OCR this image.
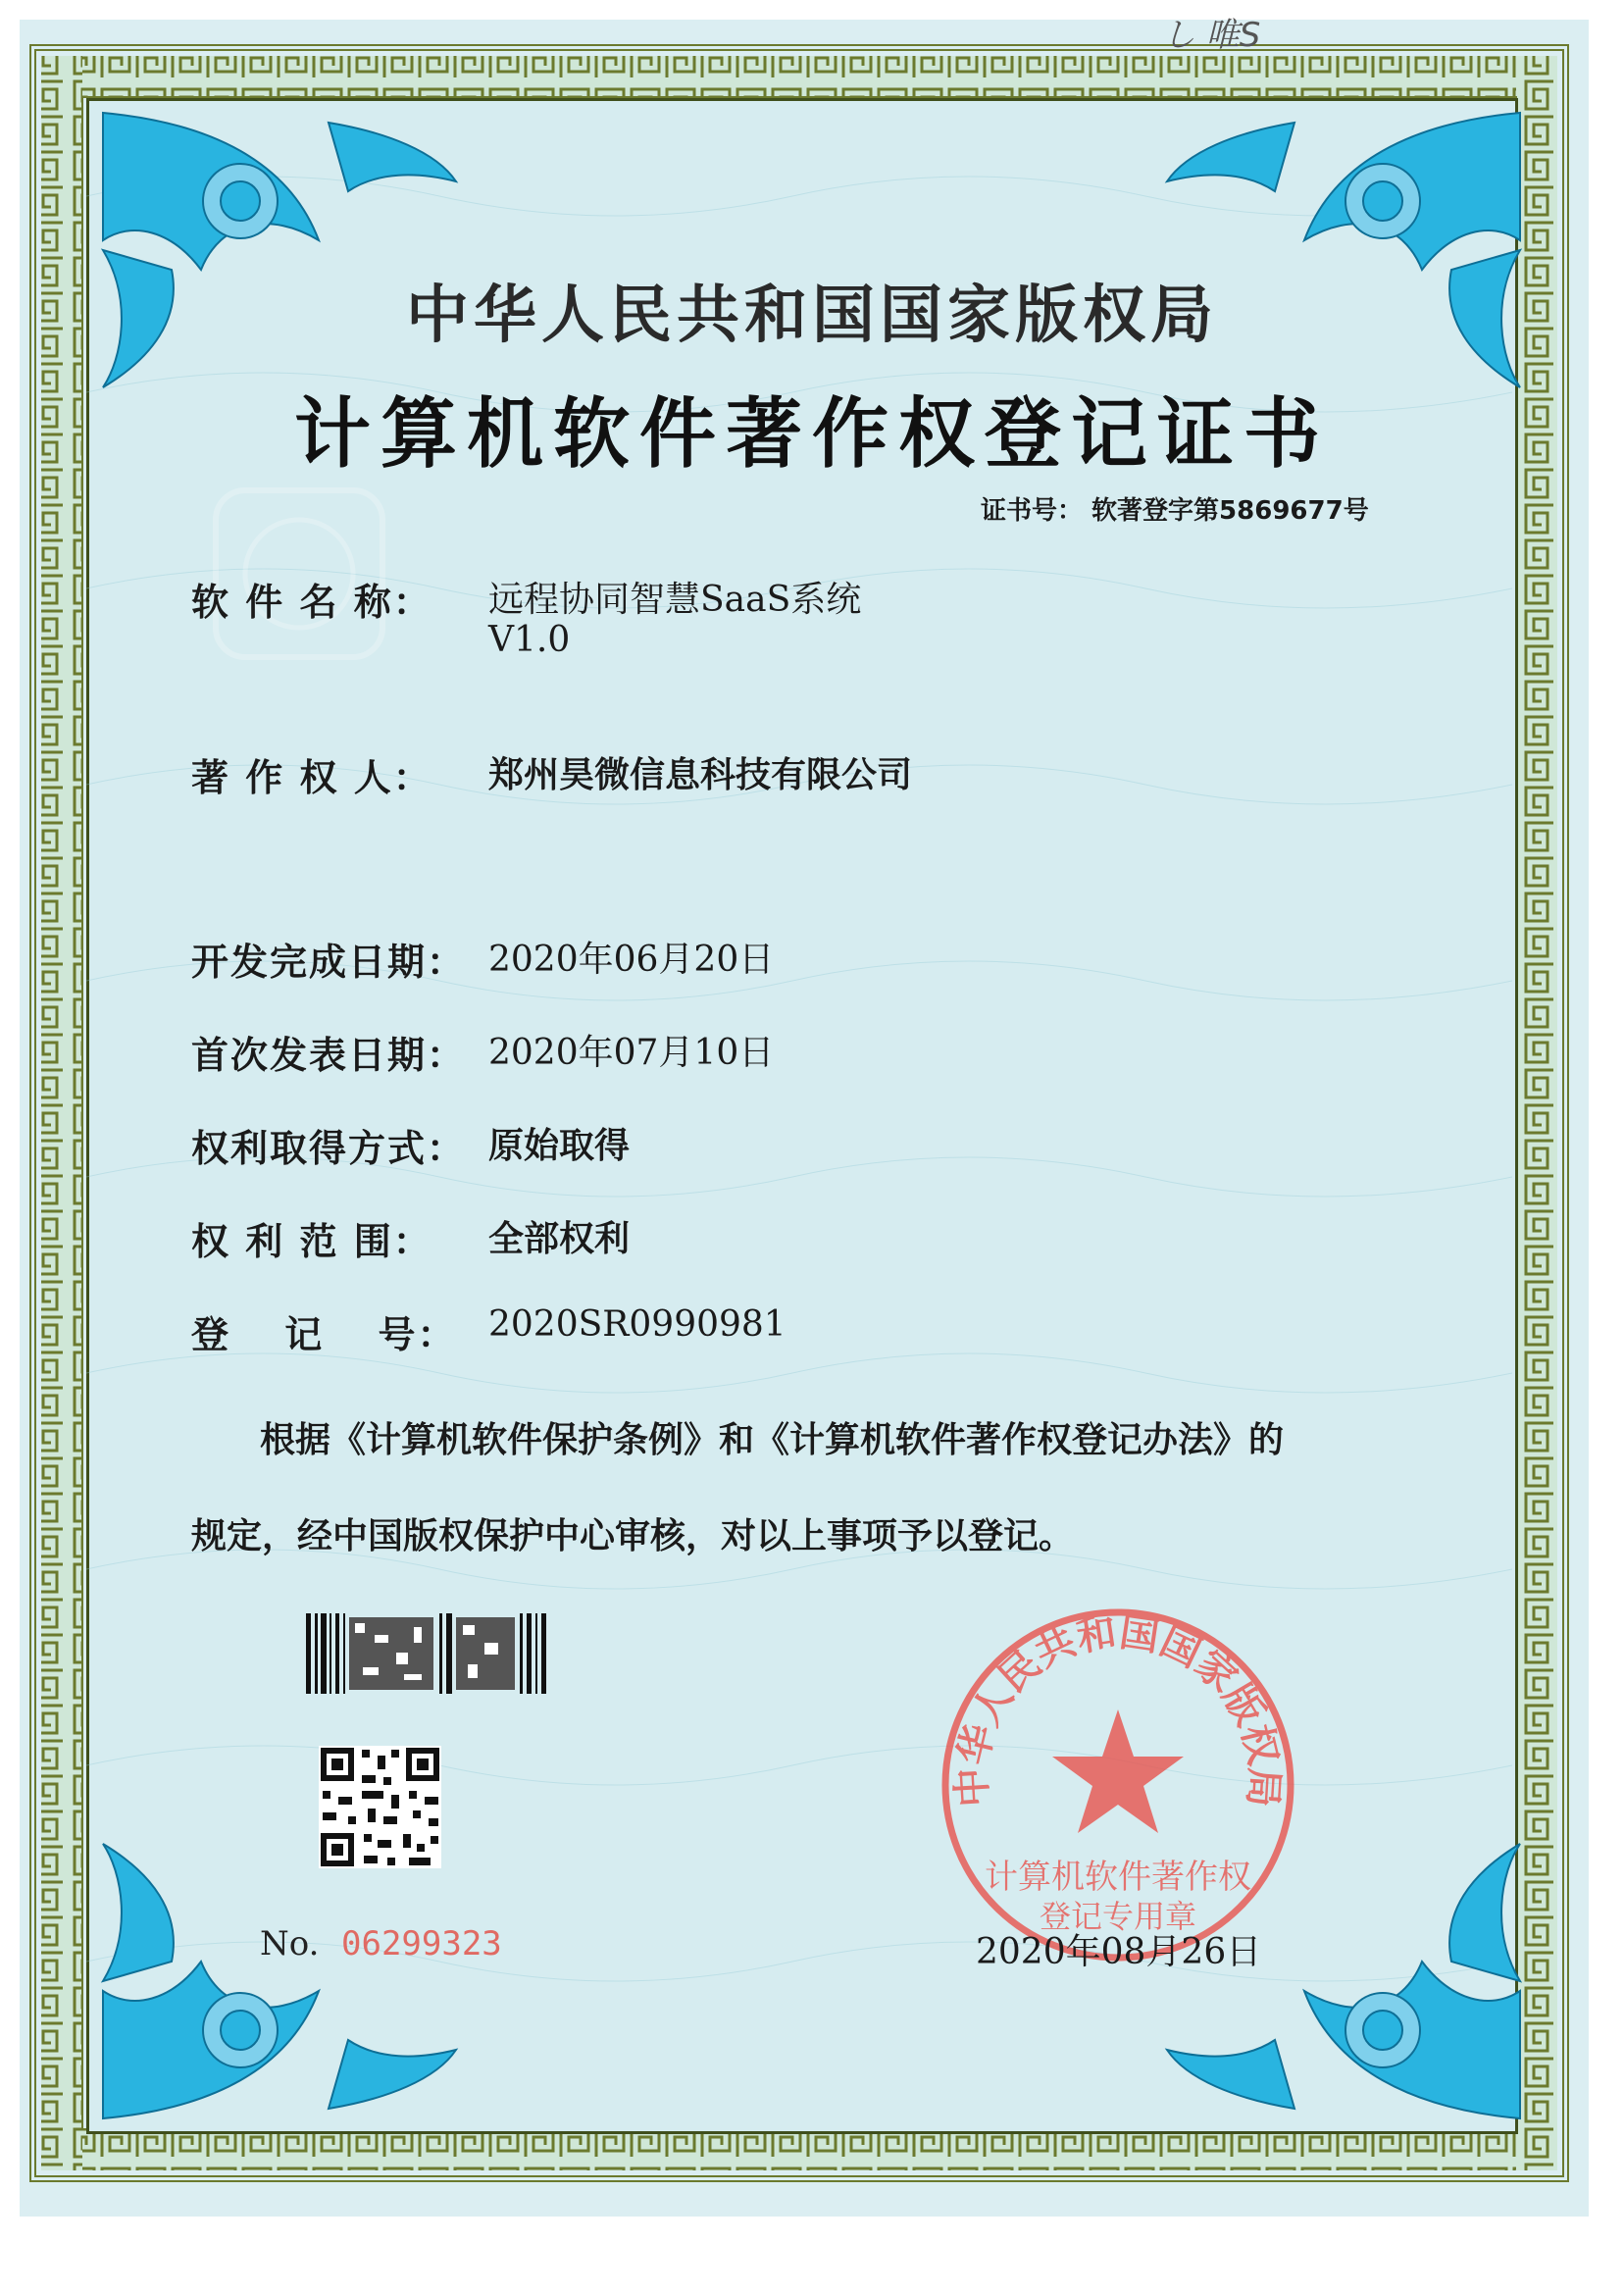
し 唯S
中华人民共和国国家版权局
计算机软件著作权登记证书
证书号： 软著登字第5869677号
软 件 名 称： 远程协同智慧SaaS系统
V1.0
著 作 权 人： 郑州昊微信息科技有限公司
开发完成日期： 2020年06月20日
首次发表日期： 2020年07月10日
权利取得方式： 原始取得
权 利 范 围： 全部权利
登　 记　 号： 2020SR0990981
根据《计算机软件保护条例》和《计算机软件著作权登记办法》的
规定，经中国版权保护中心审核，对以上事项予以登记。
中华人民共和国国家版权局
计算机软件著作权
登记专用章
No. 06299323	2020年08月26日
